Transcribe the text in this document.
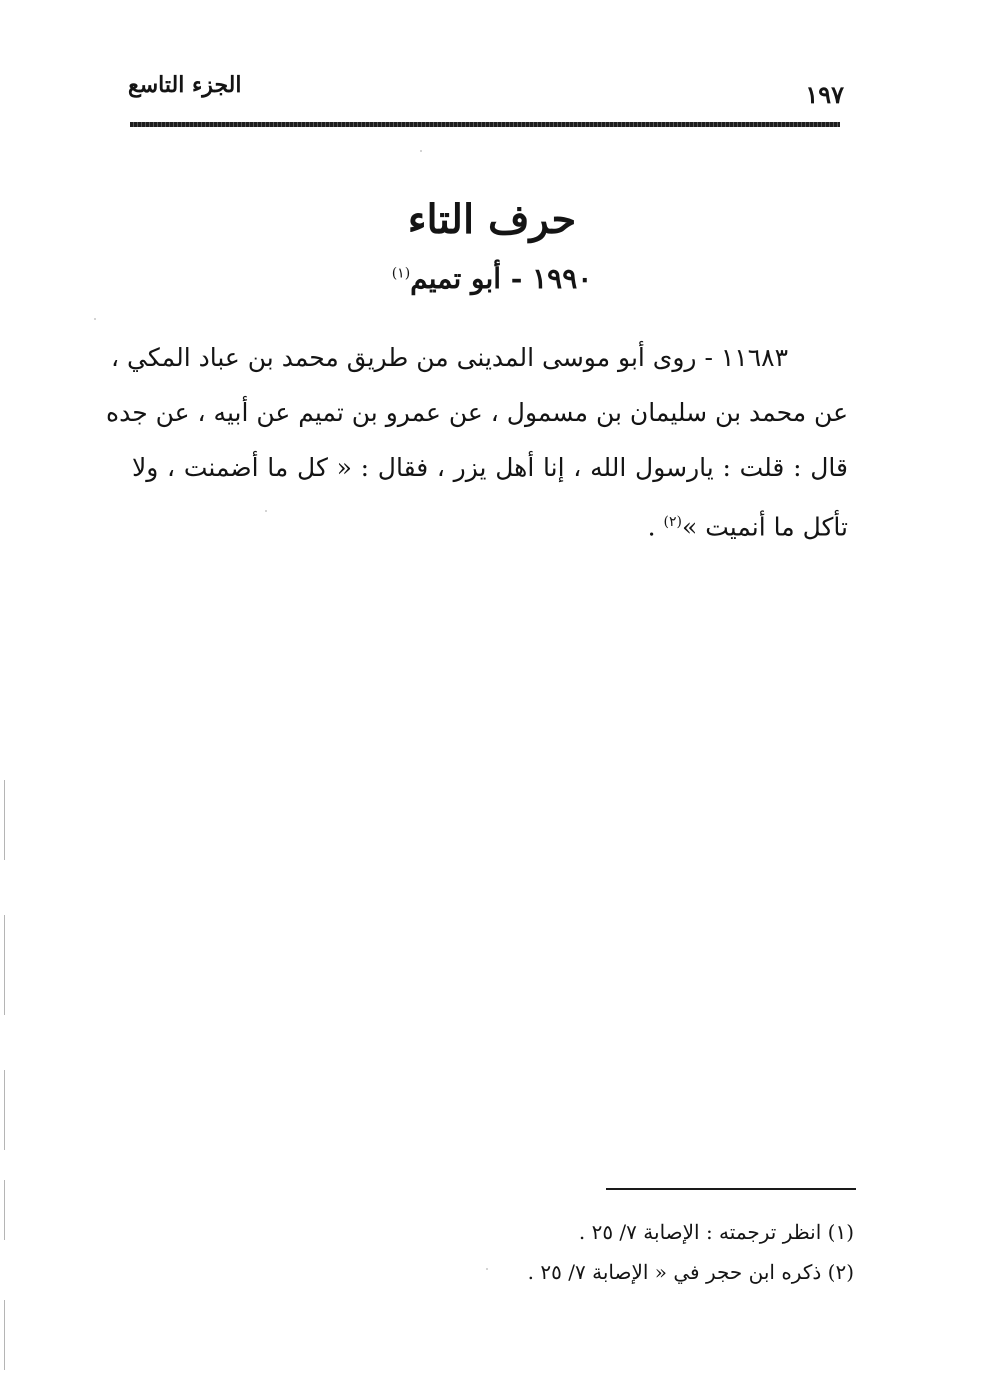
الجزء التاسع	١٩٧
حرف التاء
١٩٩٠ - أبو تميم$^{(١)}$
١١٦٨٣ - روى أبو موسى المدينى من طريق محمد بن عباد المكي ،
عن محمد بن سليمان بن مسمول ، عن عمرو بن تميم عن أبيه ، عن جده
قال : قلت : يارسول الله ، إنا أهل يزر ، فقال : « كل ما أضمنت ، ولا
تأكل ما أنميت »$^{(٢)}$ .
(١) انظر ترجمته : الإصابة ٧/ ٢٥ .
(٢) ذكره ابن حجر في « الإصابة ٧/ ٢٥ .
